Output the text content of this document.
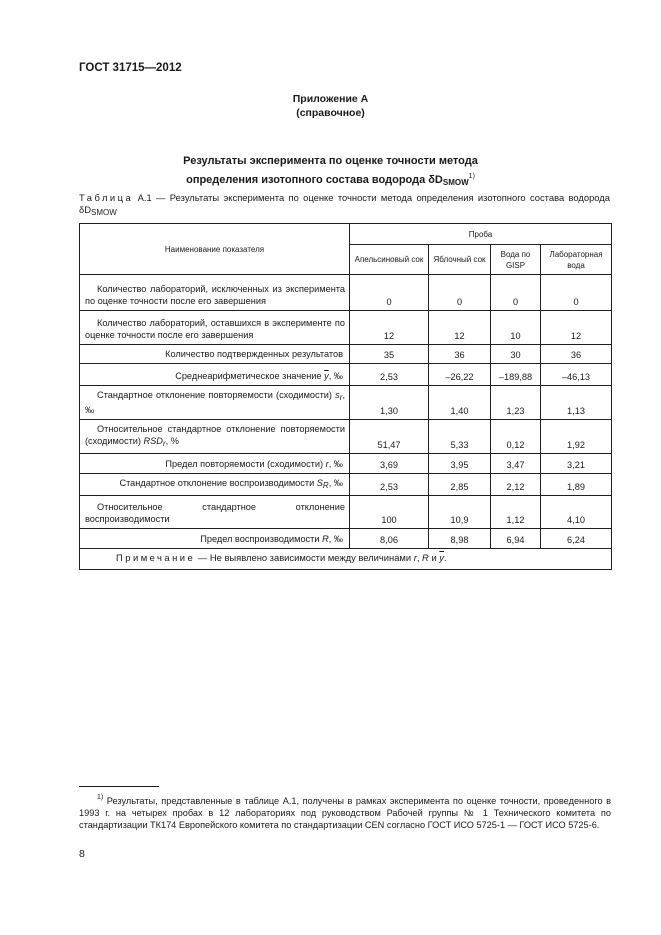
ГОСТ 31715—2012
Приложение А
(справочное)
Результаты эксперимента по оценке точности метода
определения изотопного состава водорода $\delta D_{SMOW}^{1)}$
Таблица А.1 — Результаты эксперимента по оценке точности метода определения изотопного состава водорода $\delta D_{SMOW}$
Наименование показателя	Проба			
	Апельсиновый сок	Яблочный сок	Вода по GISP	Лабораторная вода
Количество лабораторий, исключенных из эксперимента по оценке точности после его завершения	0	0	0	0
Количество лабораторий, оставшихся в эксперименте по оценке точности после его завершения	12	12	10	12
Количество подтвержденных результатов	35	36	30	36
Среднеарифметическое значение $\overline{y}$, ‰	2,53	–26,22	–189,88	–46,13
Стандартное отклонение повторяемости (сходимости) $s_r$, ‰	1,30	1,40	1,23	1,13
Относительное стандартное отклонение повторяемости (сходимости) $RSD_r$, %	51,47	5,33	0,12	1,92
Предел повторяемости (сходимости) r, ‰	3,69	3,95	3,47	3,21
Стандартное отклонение воспроизводимости $S_R$, ‰	2,53	2,85	2,12	1,89
Относительное стандартное отклонение воспроизводимости	100	10,9	1,12	4,10
Предел воспроизводимости R, ‰	8,06	8,98	6,94	6,24
Примечание — Не выявлено зависимости между величинами r, R и $\overline{y}$.				
$^{1)}$ Результаты, представленные в таблице А.1, получены в рамках эксперимента по оценке точности, проведенного в 1993 г. на четырех пробах в 12 лабораториях под руководством Рабочей группы № 1 Технического комитета по стандартизации ТК174 Европейского комитета по стандартизации CEN согласно ГОСТ ИСО 5725-1 — ГОСТ ИСО 5725-6.
8
